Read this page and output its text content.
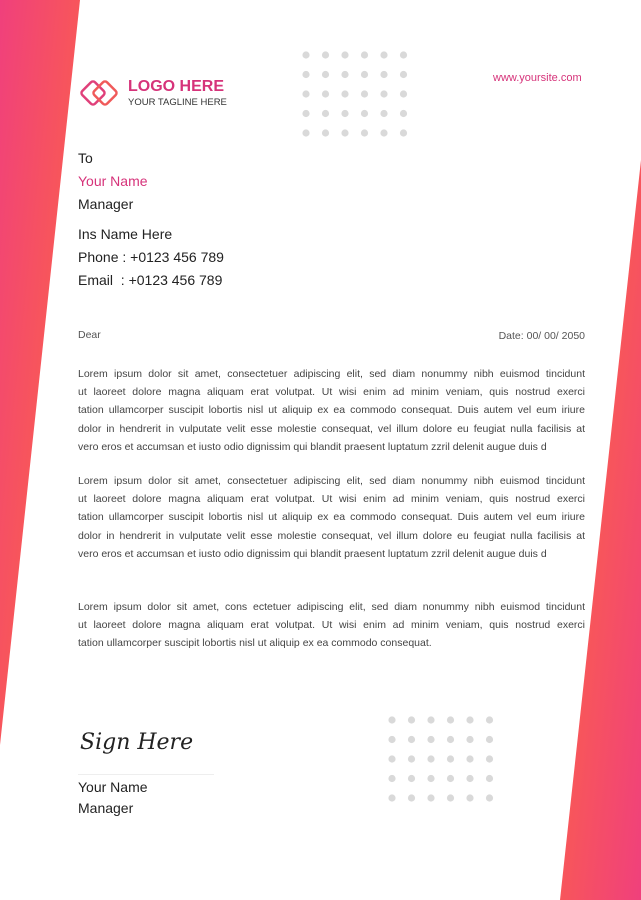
LOGO HERE
YOUR TAGLINE HERE
www.yoursite.com
To
Your Name
Manager
Ins Name Here
Phone : +0123 456 789
Email  : +0123 456 789
Dear	Date: 00/ 00/ 2050
Lorem ipsum dolor sit amet, consectetuer adipiscing elit, sed diam nonummy nibh euismod tincidunt
ut laoreet dolore magna aliquam erat volutpat. Ut wisi enim ad minim veniam, quis nostrud exerci
tation ullamcorper suscipit lobortis nisl ut aliquip ex ea commodo consequat. Duis autem vel eum iriure
dolor in hendrerit in vulputate velit esse molestie consequat, vel illum dolore eu feugiat nulla facilisis at
vero eros et accumsan et iusto odio dignissim qui blandit praesent luptatum zzril delenit augue duis d
Lorem ipsum dolor sit amet, consectetuer adipiscing elit, sed diam nonummy nibh euismod tincidunt
ut laoreet dolore magna aliquam erat volutpat. Ut wisi enim ad minim veniam, quis nostrud exerci
tation ullamcorper suscipit lobortis nisl ut aliquip ex ea commodo consequat. Duis autem vel eum iriure
dolor in hendrerit in vulputate velit esse molestie consequat, vel illum dolore eu feugiat nulla facilisis at
vero eros et accumsan et iusto odio dignissim qui blandit praesent luptatum zzril delenit augue duis d
Lorem ipsum dolor sit amet, cons ectetuer adipiscing elit, sed diam nonummy nibh euismod tincidunt
ut laoreet dolore magna aliquam erat volutpat. Ut wisi enim ad minim veniam, quis nostrud exerci
tation ullamcorper suscipit lobortis nisl ut aliquip ex ea commodo consequat.
Sign Here
Your Name
Manager
